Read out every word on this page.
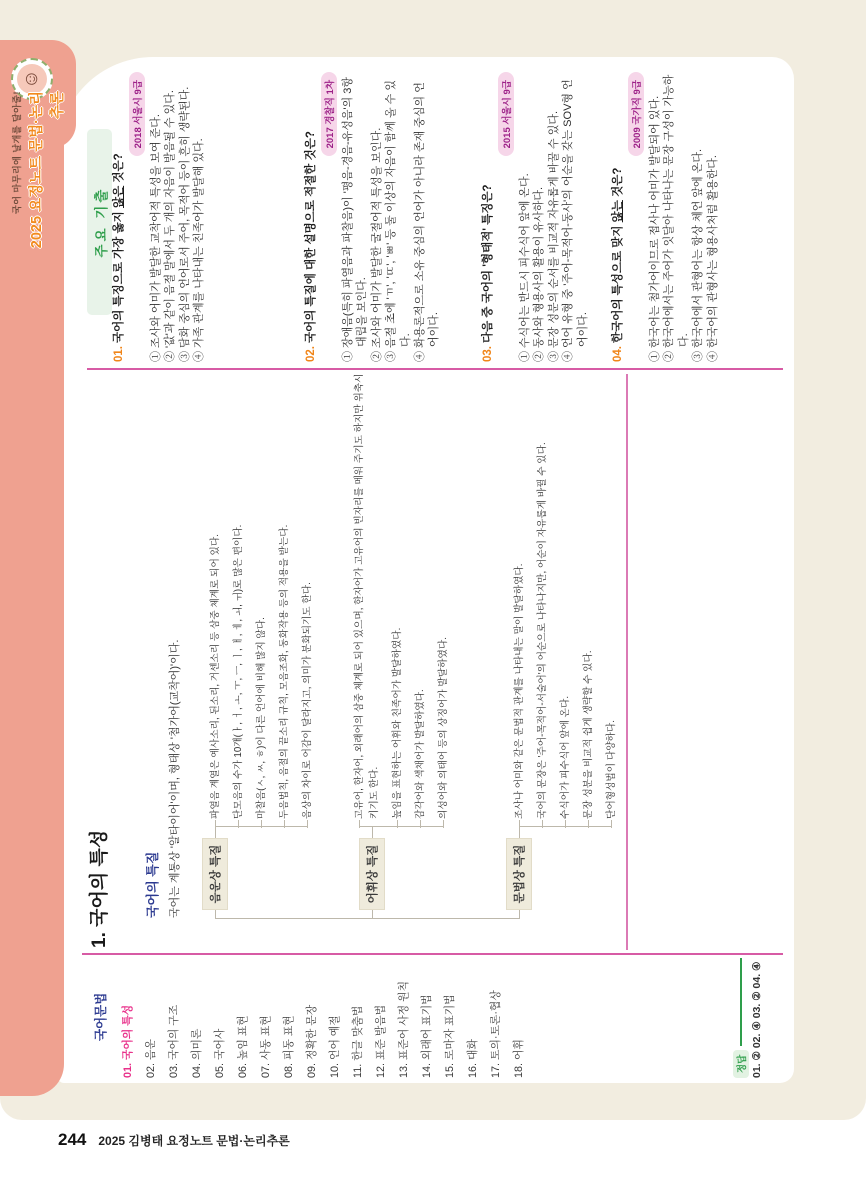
☺
국어 마무리에 날개를 달아줄! 2025 요정노트 문법·논리추론
국어문법 01. 국어의 특성 02. 음운 03. 국어의 구조 04. 의미론 05. 국어사 06. 높임 표현 07. 사동 표현 08. 피동 표현 09. 정확한 문장 10. 언어 예절 11. 한글 맞춤법 12. 표준 발음법 13. 표준어 사정 원칙 14. 외래어 표기법 15. 로마자 표기법 16. 대화 17. 토의·토론·협상 18. 어휘	정답 01. ② 02. ④ 03. ② 04. ④
1. 국어의 특성	국어의 특질 국어는 계통상 '알타이어'이며, 형태상 '첨가어(교착어)'이다.	음운상 특질
파열음 계열은 예사소리, 된소리, 거센소리 등 삼중 체계로 되어 있다. 단모음의 수가 10개(ㅏ, ㅓ, ㅗ, ㅜ, ㅡ, ㅣ, ㅐ, ㅔ, ㅚ, ㅟ)로 많은 편이다. 마찰음(ㅅ, ㅆ, ㅎ)이 다른 언어에 비해 많지 않다. 두음법칙, 음절의 끝소리 규칙, 모음조화, 동화작용 등의 적용을 받는다. 음상의 차이로 어감이 달라지고, 의미가 분화되기도 한다.
어휘상 특질
고유어, 한자어, 외래어의 삼중 체계로 되어 있으며, 한자어가 고유어의 빈자리를 메워 주기도 하지만 위축시키기도 한다. 높임을 표현하는 어휘와 친족어가 발달하였다. 감각어와 색채어가 발달하였다. 의성어와 의태어 등의 상징어가 발달하였다.
문법상 특질
조사나 어미와 같은 문법적 관계를 나타내는 말이 발달하였다. 국어의 문장은 '주어-목적어-서술어'의 어순으로 나타나지만, 어순이 자유롭게 바뀔 수 있다. 수식어가 피수식어 앞에 온다. 문장 성분을 비교적 쉽게 생략할 수 있다. 단어형성법이 다양하다.
주요 기출
01.국어의 특징으로 가장 옳지 않은 것은?
2018 서울시 9급 ① 조사와 어미가 발달한 교착어적 특성을 보여 준다. ② '값'과 같이 음절 말에서 두 개의 자음이 발음될 수 있다. ③ 담화 중심의 언어로서 주어, 목적어 등이 흔히 생략된다. ④ 가족 관계를 나타내는 친족어가 발달해 있다.	02.국어의 특질에 대한 설명으로 적절한 것은?
2017 경찰직 1차 ① 장애음(특히 파열음과 파찰음)이 '평음-경음-유성음'의 3항 대립을 보인다. ② 조사와 어미가 발달한 굴절어적 특성을 보인다. ③ 음절 초에 'ㄲ', 'ㄸ', 'ㅃ' 등 둘 이상의 자음이 함께 올 수 있다. ④ 화용론적으로 소유 중심의 언어가 아니라 존재 중심의 언어이다.
03.다음 중 국어의 '형태적' 특징은?
2015 서울시 9급
① 수식어는 반드시 피수식어 앞에 온다. ② 동사와 형용사의 활용이 유사하다. ③ 문장 성분의 순서를 비교적 자유롭게 바꿀 수 있다. ④ 언어 유형 중 '주어-목적어-동사'의 어순을 갖는 SOV형 언어이다.
04.한국어의 특성으로 맞지 않는 것은?
2009 국가직 9급 ① 한국어는 첨가어이므로 접사나 어미가 발달되어 있다. ② 한국어에서는 주어가 잇달아 나타나는 문장 구성이 가능하다. ③ 한국어에서 관형어는 항상 체언 앞에 온다. ④ 한국어의 관형사는 형용사처럼 활용한다.
244 2025 김병태 요정노트 문법·논리추론
